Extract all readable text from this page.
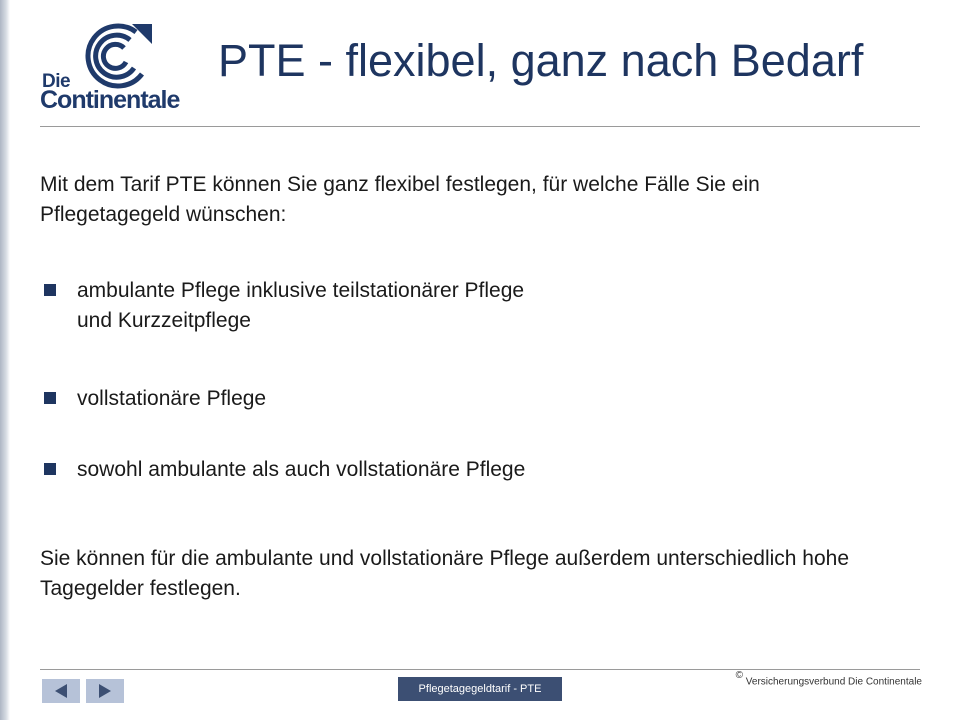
Die
Continentale
PTE - flexibel, ganz nach Bedarf
Mit dem Tarif PTE können Sie ganz flexibel festlegen, für welche Fälle Sie ein Pflegetagegeld wünschen:
ambulante Pflege inklusive teilstationärer Pflege
und Kurzzeitpflege
vollstationäre Pflege
sowohl ambulante als auch vollstationäre Pflege
Sie können für die ambulante und vollstationäre Pflege außerdem unterschiedlich hohe Tagegelder festlegen.
Pflegetagegeldtarif - PTE
© Versicherungsverbund Die Continentale
